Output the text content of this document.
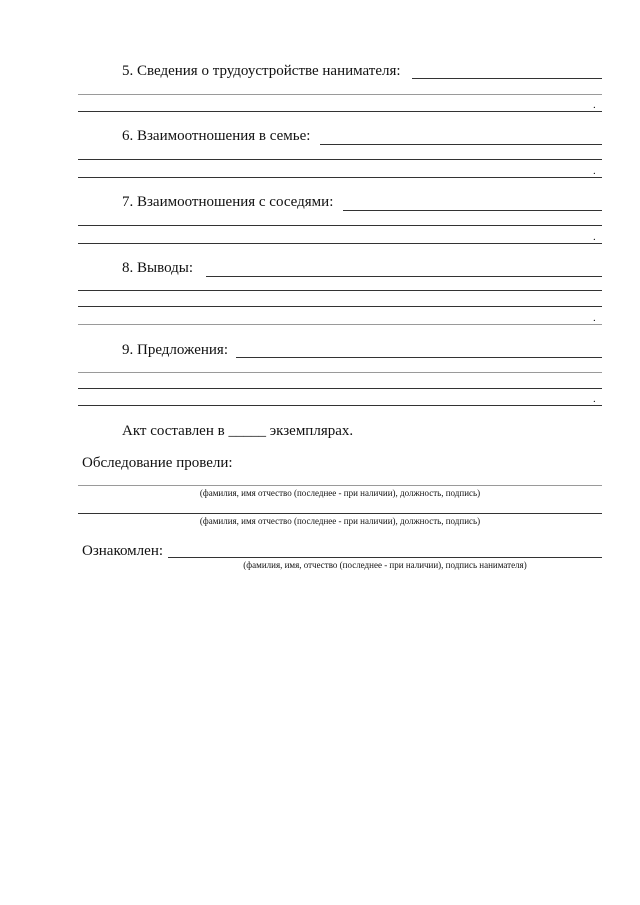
5. Сведения о трудоустройстве нанимателя:
.
6. Взаимоотношения в семье:
.
7. Взаимоотношения с соседями:
.
8. Выводы:
.
9. Предложения:
.
Акт составлен в _____ экземплярах.
Обследование провели:
(фамилия, имя отчество (последнее - при наличии), должность, подпись)
(фамилия, имя отчество (последнее - при наличии), должность, подпись)
Ознакомлен:
(фамилия, имя, отчество (последнее - при наличии), подпись нанимателя)
